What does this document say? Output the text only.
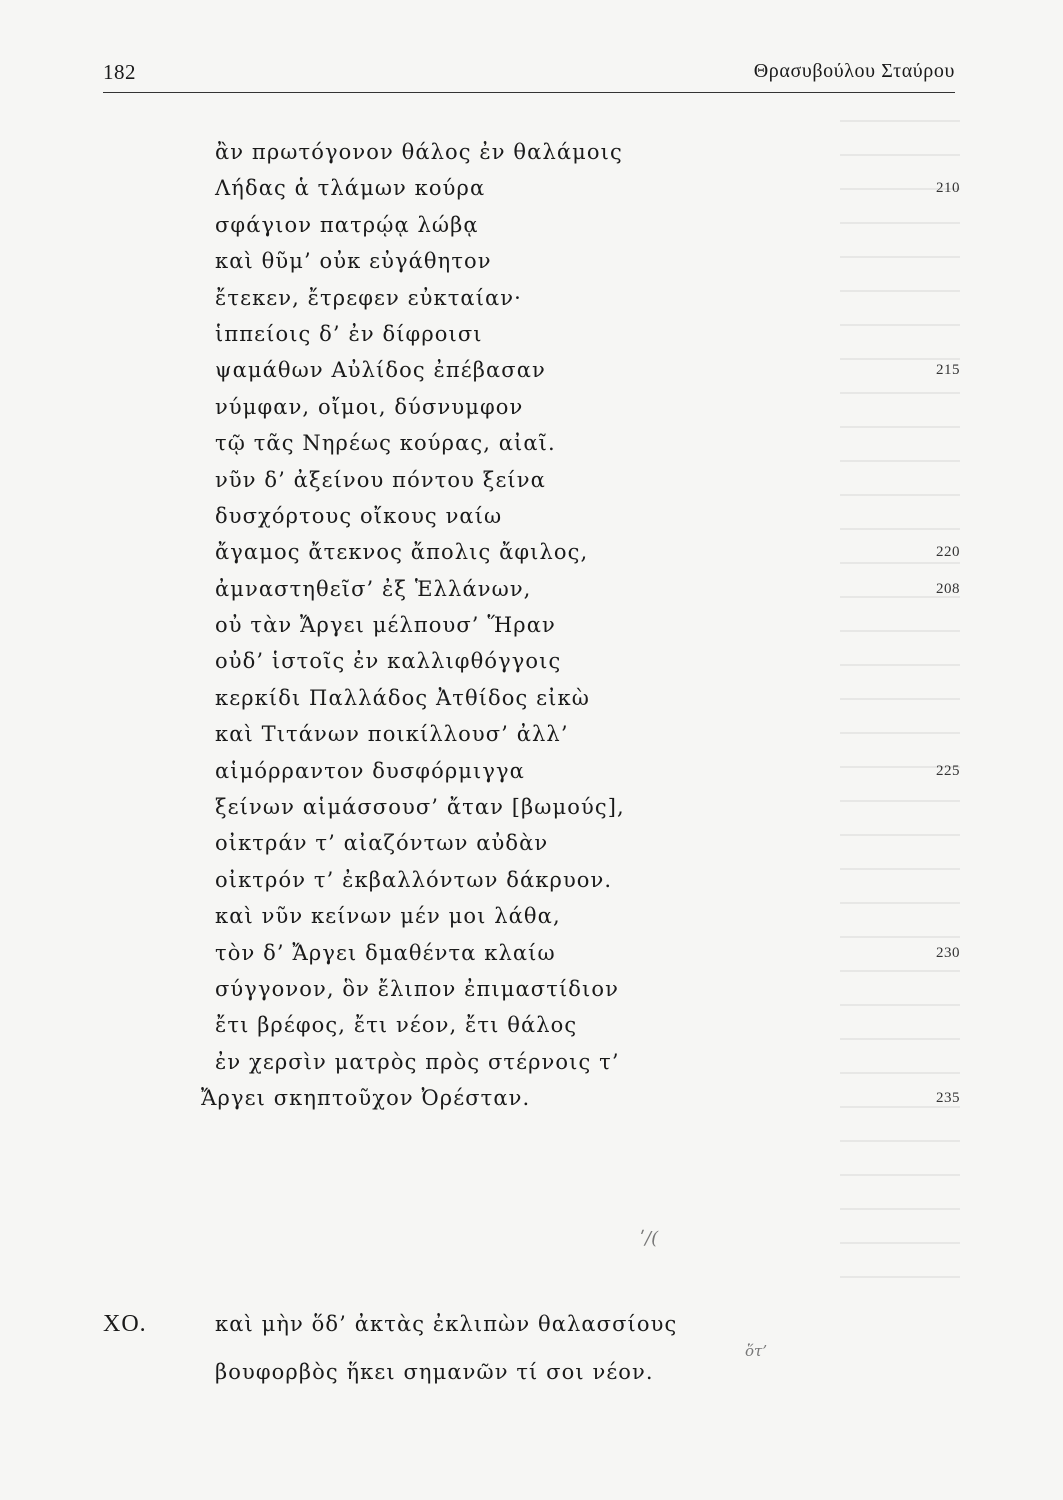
182	Θρασυβούλου Σταύρου
ἂν πρωτόγονον θάλος ἐν θαλάμοις
Λήδας ἁ τλάμων κούρα	210
σφάγιον πατρῴᾳ λώβᾳ
καὶ θῦμ’ οὐκ εὐγάθητον
ἔτεκεν, ἔτρεφεν εὐκταίαν·
ἱππείοις δ’ ἐν δίφροισι
ψαμάθων Αὐλίδος ἐπέβασαν	215
νύμφαν, οἴμοι, δύσνυμφον
τῷ τᾶς Νηρέως κούρας, αἰαῖ.
νῦν δ’ ἀξείνου πόντου ξείνα
δυσχόρτους οἴκους ναίω
ἄγαμος ἄτεκνος ἄπολις ἄφιλος,	220
ἀμναστηθεῖσ’ ἐξ Ἑλλάνων,	208
οὐ τὰν Ἄργει μέλπουσ’ Ἥραν
οὐδ’ ἱστοῖς ἐν καλλιφθόγγοις
κερκίδι Παλλάδος Ἀτθίδος εἰκὼ
καὶ Τιτάνων ποικίλλουσ’ ἀλλ’
αἱμόρραντον δυσφόρμιγγα	225
ξείνων αἱμάσσουσ’ ἄταν [βωμούς],
οἰκτράν τ’ αἰαζόντων αὐδὰν
οἰκτρόν τ’ ἐκβαλλόντων δάκρυον.
καὶ νῦν κείνων μέν μοι λάθα,
τὸν δ’ Ἄργει δμαθέντα κλαίω	230
σύγγονον, ὃν ἔλιπον ἐπιμαστίδιον
ἔτι βρέφος, ἔτι νέον, ἔτι θάλος
ἐν χερσὶν ματρὸς πρὸς στέρνοις τ’
Ἄργει σκηπτοῦχον Ὀρέσταν.	235
ΧΟ.	καὶ μὴν ὅδ’ ἀκτὰς ἐκλιπὼν θαλασσίους
βουφορβὸς ἥκει σημανῶν τί σοι νέον.
ʹ/(
ὅτ’
